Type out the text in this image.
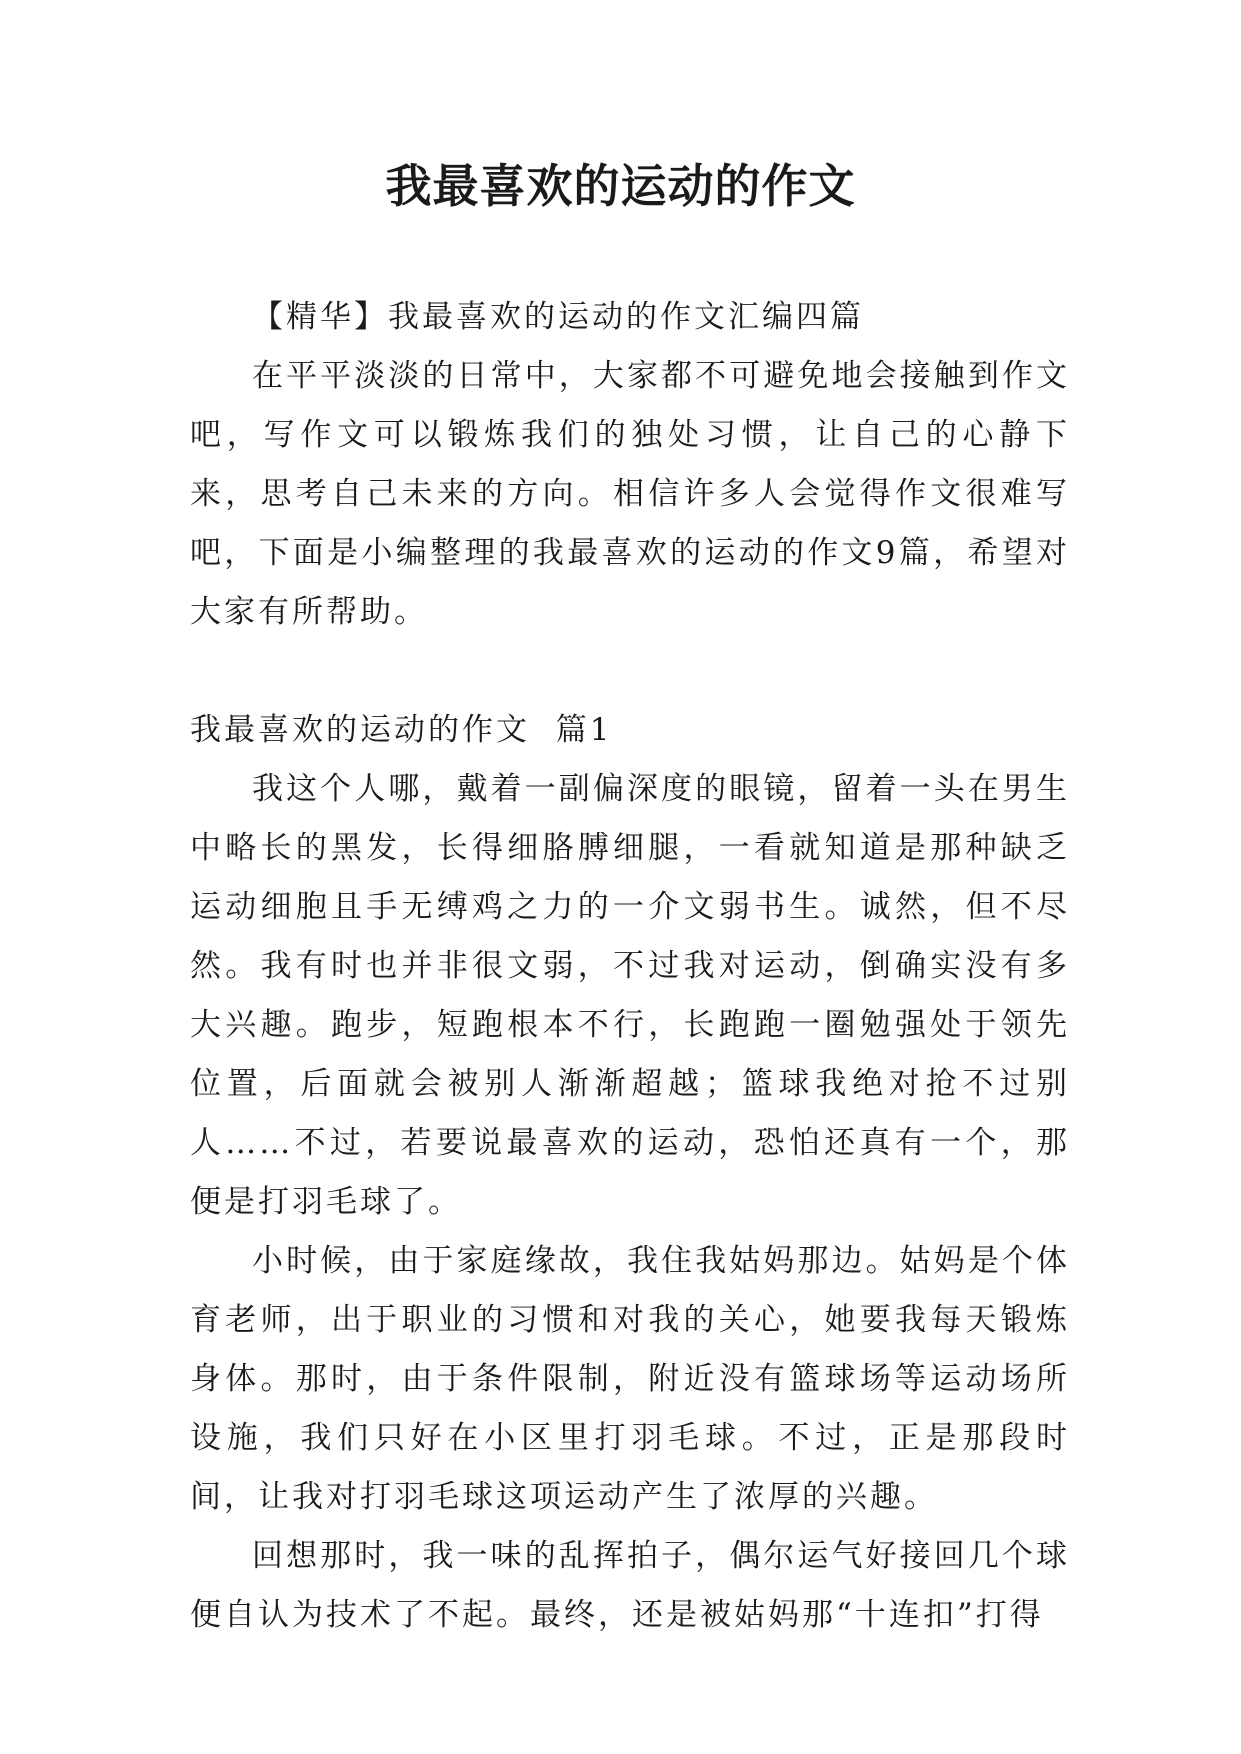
我最喜欢的运动的作文

【精华】我最喜欢的运动的作文汇编四篇

在平平淡淡的日常中，大家都不可避免地会接触到作文吧，写作文可以锻炼我们的独处习惯，让自己的心静下来，思考自己未来的方向。相信许多人会觉得作文很难写吧，下面是小编整理的我最喜欢的运动的作文9篇，希望对大家有所帮助。

我最喜欢的运动的作文  篇1

我这个人哪，戴着一副偏深度的眼镜，留着一头在男生中略长的黑发，长得细胳膊细腿，一看就知道是那种缺乏运动细胞且手无缚鸡之力的一介文弱书生。诚然，但不尽然。我有时也并非很文弱，不过我对运动，倒确实没有多大兴趣。跑步，短跑根本不行，长跑跑一圈勉强处于领先位置，后面就会被别人渐渐超越；篮球我绝对抢不过别人……不过，若要说最喜欢的运动，恐怕还真有一个，那便是打羽毛球了。

小时候，由于家庭缘故，我住我姑妈那边。姑妈是个体育老师，出于职业的习惯和对我的关心，她要我每天锻炼身体。那时，由于条件限制，附近没有篮球场等运动场所设施，我们只好在小区里打羽毛球。不过，正是那段时间，让我对打羽毛球这项运动产生了浓厚的兴趣。

回想那时，我一味的乱挥拍子，偶尔运气好接回几个球便自认为技术了不起。最终，还是被姑妈那“十连扣”打得
